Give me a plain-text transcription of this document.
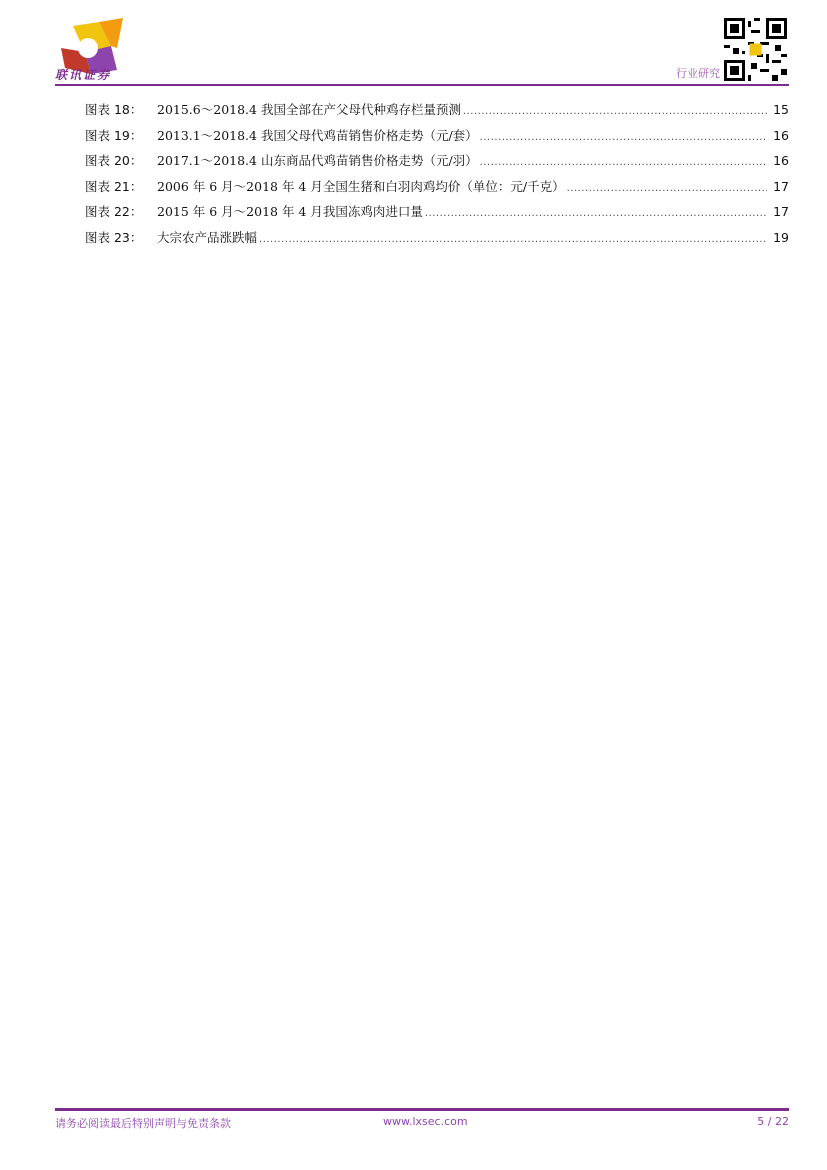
联讯证券	行业研究
图表 18：	2015.6～2018.4 我国全部在产父母代种鸡存栏量预测 .....	15
图表 19：	2013.1～2018.4 我国父母代鸡苗销售价格走势（元/套） .....	16
图表 20：	2017.1～2018.4 山东商品代鸡苗销售价格走势（元/羽） .....	16
图表 21：	2006 年 6 月～2018 年 4 月全国生猪和白羽肉鸡均价（单位：元/千克） .....	17
图表 22：	2015 年 6 月～2018 年 4 月我国冻鸡肉进口量 .....	17
图表 23：	大宗农产品涨跌幅 .....	19
请务必阅读最后特别声明与免责条款	www.lxsec.com	5 / 22
